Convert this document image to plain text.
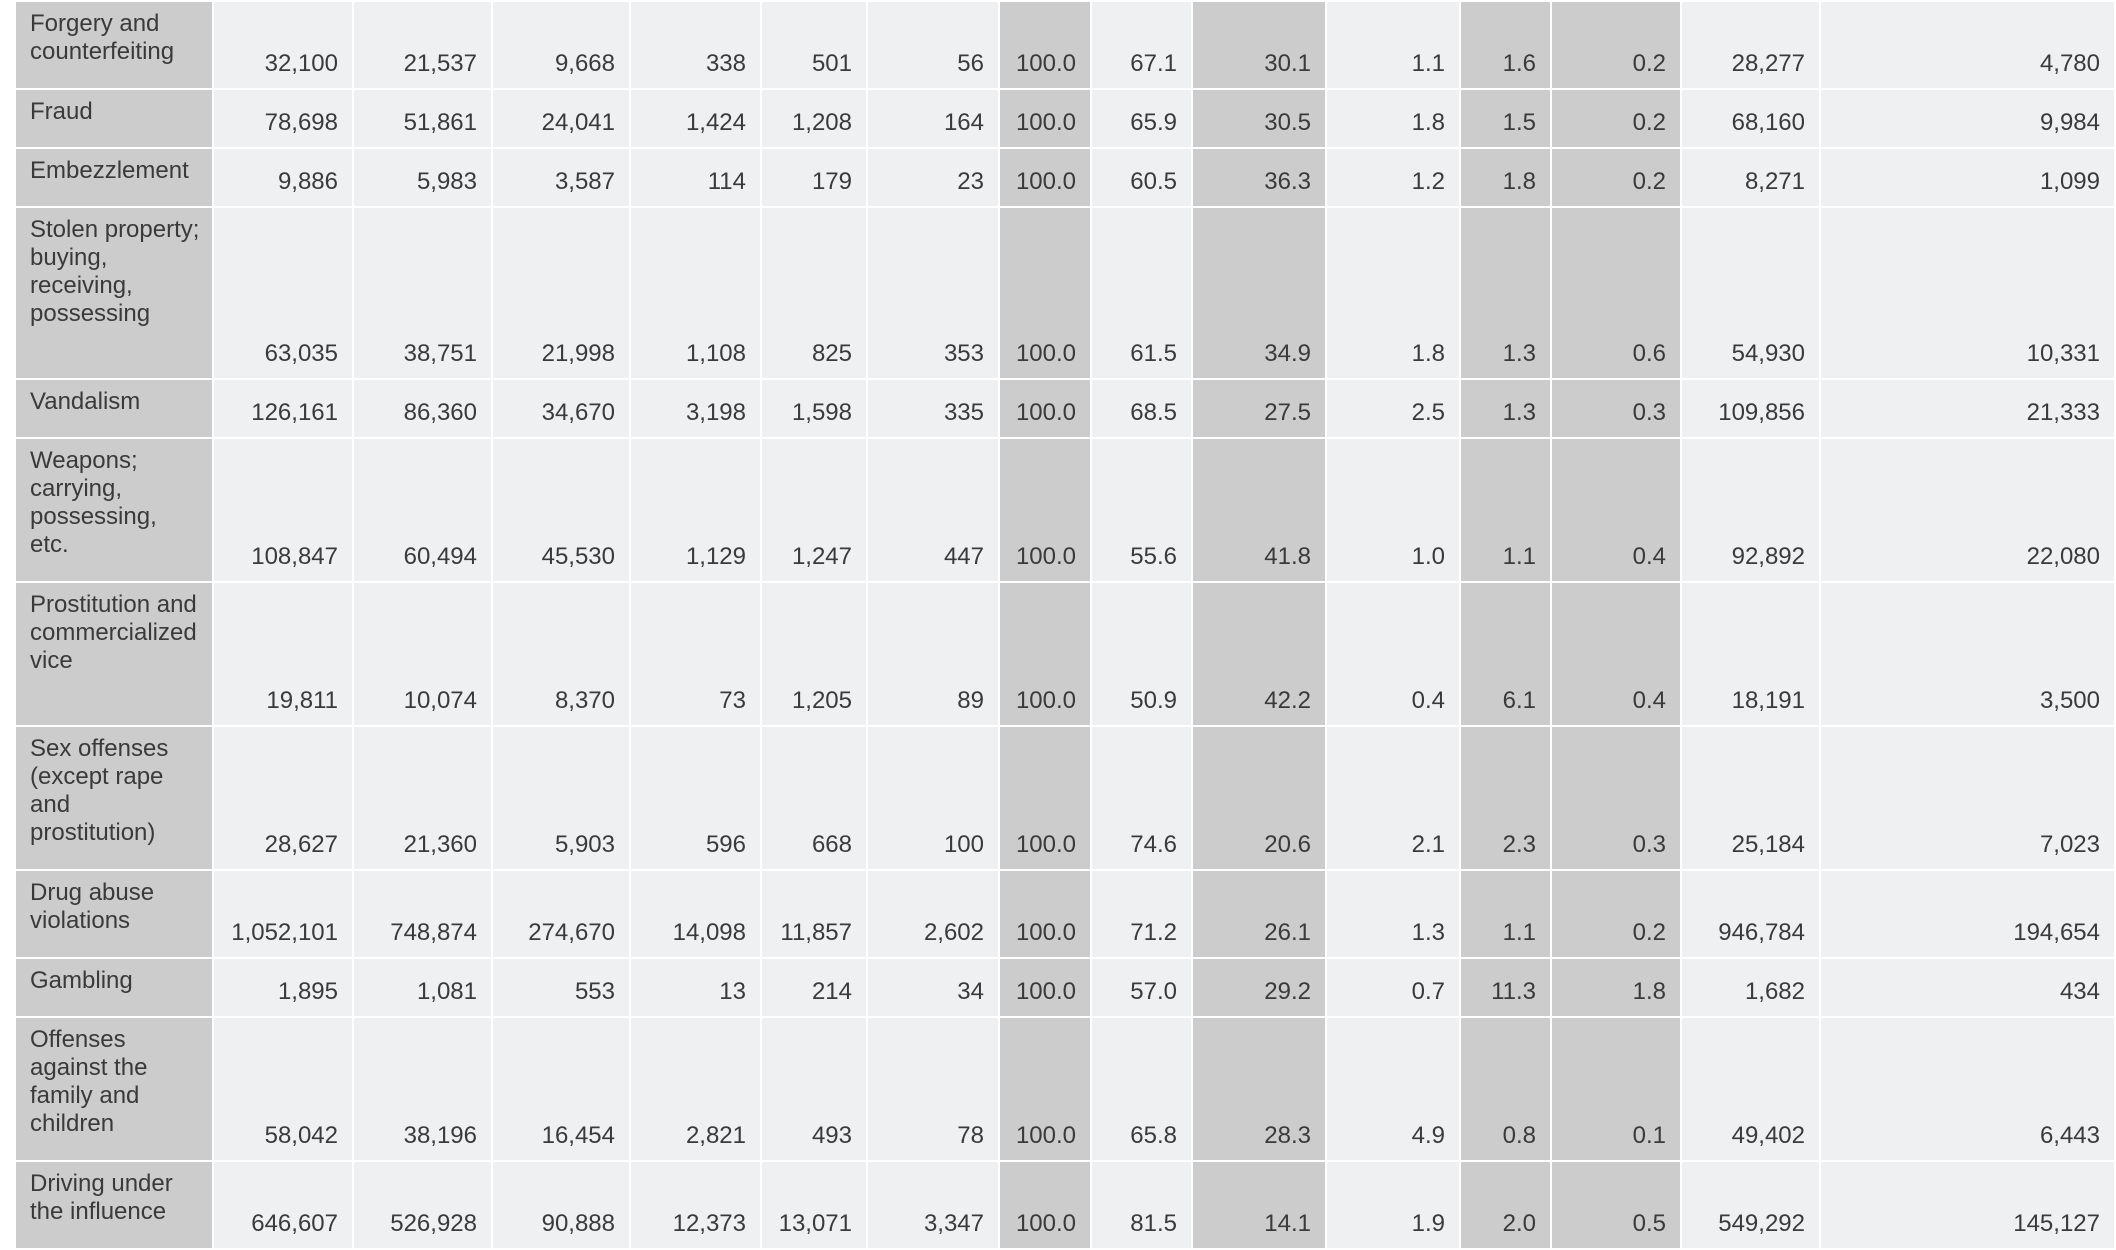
Forgery and counterfeiting	32,100	21,537	9,668	338	501	56	100.0	67.1	30.1	1.1	1.6	0.2	28,277	4,780	
Fraud	78,698	51,861	24,041	1,424	1,208	164	100.0	65.9	30.5	1.8	1.5	0.2	68,160	9,984	
Embezzlement	9,886	5,983	3,587	114	179	23	100.0	60.5	36.3	1.2	1.8	0.2	8,271	1,099	
Stolen property; buying, receiving, possessing	63,035	38,751	21,998	1,108	825	353	100.0	61.5	34.9	1.8	1.3	0.6	54,930	10,331	
Vandalism	126,161	86,360	34,670	3,198	1,598	335	100.0	68.5	27.5	2.5	1.3	0.3	109,856	21,333	
Weapons; carrying, possessing, etc.	108,847	60,494	45,530	1,129	1,247	447	100.0	55.6	41.8	1.0	1.1	0.4	92,892	22,080	
Prostitution and commercialized vice	19,811	10,074	8,370	73	1,205	89	100.0	50.9	42.2	0.4	6.1	0.4	18,191	3,500	
Sex offenses (except rape and prostitution)	28,627	21,360	5,903	596	668	100	100.0	74.6	20.6	2.1	2.3	0.3	25,184	7,023	
Drug abuse violations	1,052,101	748,874	274,670	14,098	11,857	2,602	100.0	71.2	26.1	1.3	1.1	0.2	946,784	194,654	
Gambling	1,895	1,081	553	13	214	34	100.0	57.0	29.2	0.7	11.3	1.8	1,682	434	
Offenses against the family and children	58,042	38,196	16,454	2,821	493	78	100.0	65.8	28.3	4.9	0.8	0.1	49,402	6,443	
Driving under the influence	646,607	526,928	90,888	12,373	13,071	3,347	100.0	81.5	14.1	1.9	2.0	0.5	549,292	145,127	
